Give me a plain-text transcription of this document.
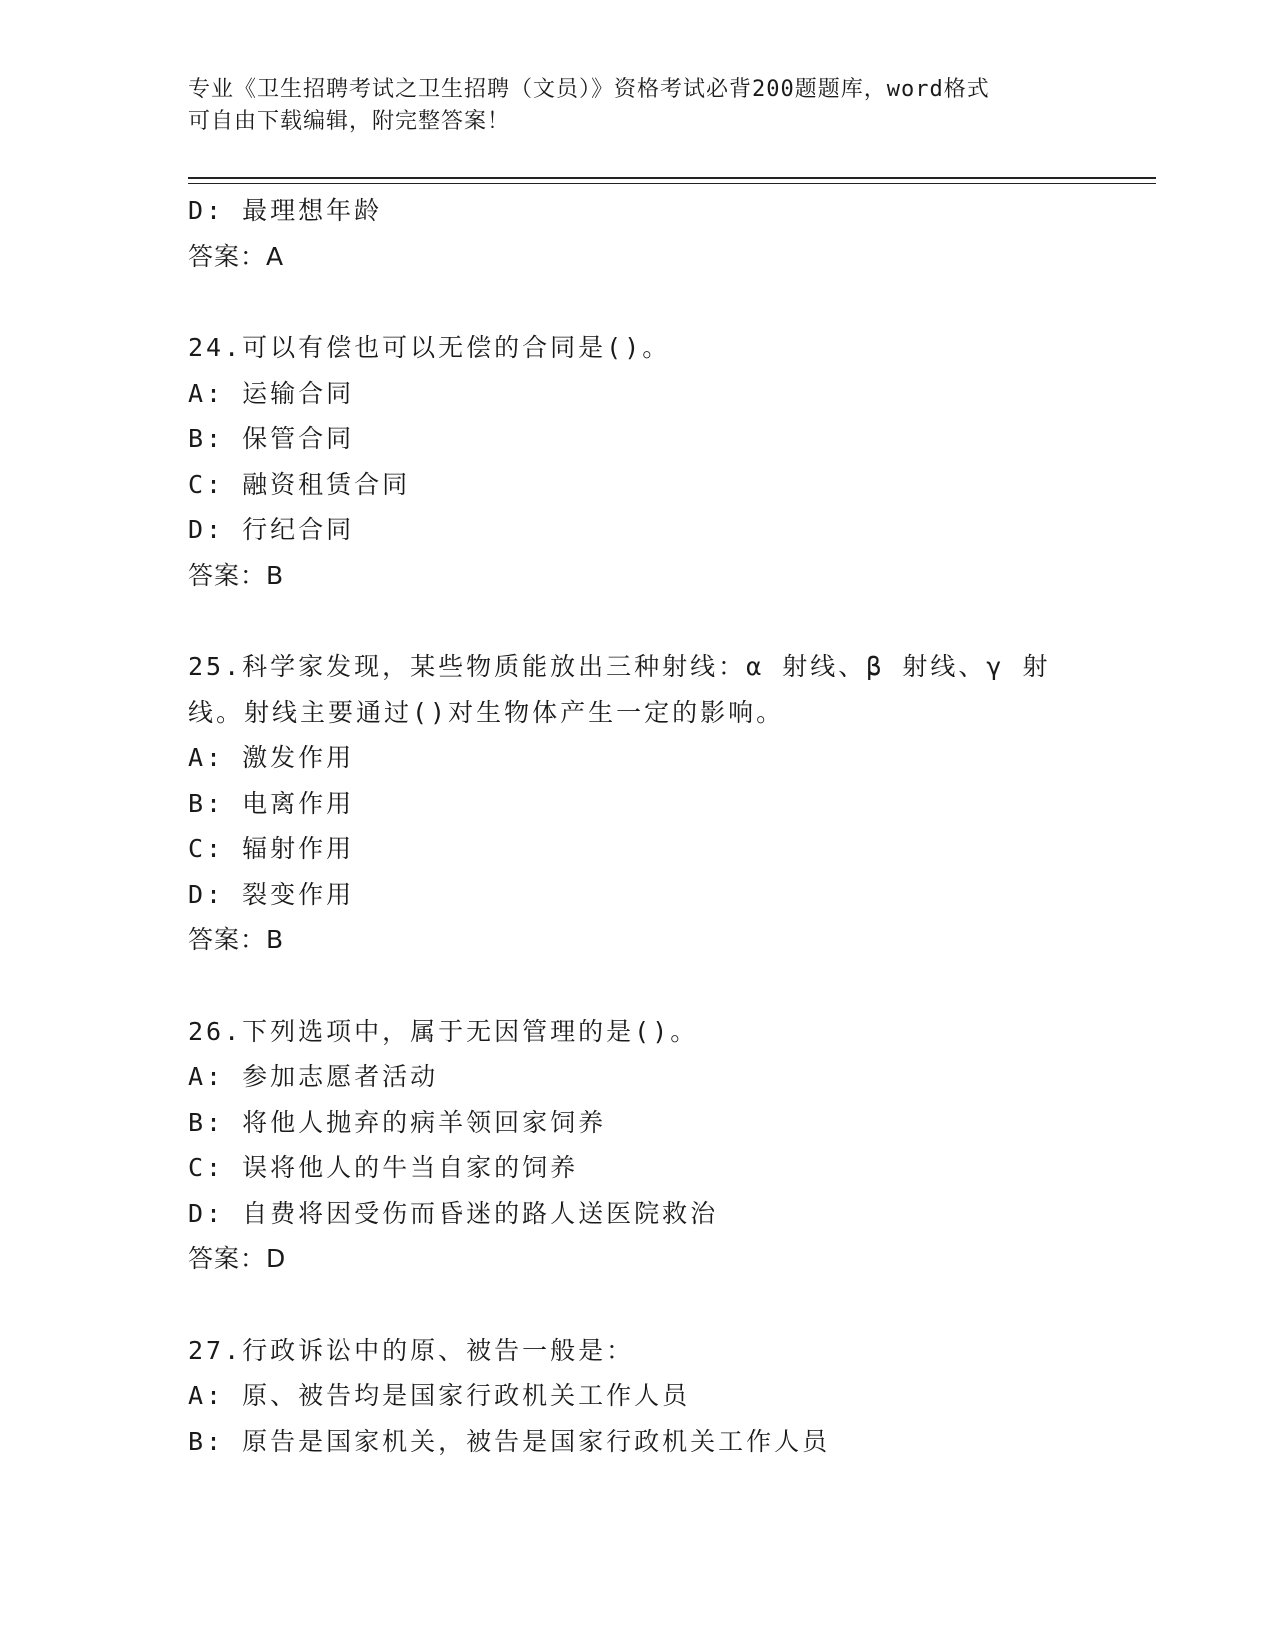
专业《卫生招聘考试之卫生招聘（文员）》资格考试必背200题题库，word格式
可自由下载编辑，附完整答案！
D: 最理想年龄
答案：A
24.可以有偿也可以无偿的合同是()。
A: 运输合同
B: 保管合同
C: 融资租赁合同
D: 行纪合同
答案：B
25.科学家发现，某些物质能放出三种射线：α 射线、β 射线、γ 射
线。射线主要通过()对生物体产生一定的影响。
A: 激发作用
B: 电离作用
C: 辐射作用
D: 裂变作用
答案：B
26.下列选项中，属于无因管理的是()。
A: 参加志愿者活动
B: 将他人抛弃的病羊领回家饲养
C: 误将他人的牛当自家的饲养
D: 自费将因受伤而昏迷的路人送医院救治
答案：D
27.行政诉讼中的原、被告一般是：
A: 原、被告均是国家行政机关工作人员
B: 原告是国家机关，被告是国家行政机关工作人员
